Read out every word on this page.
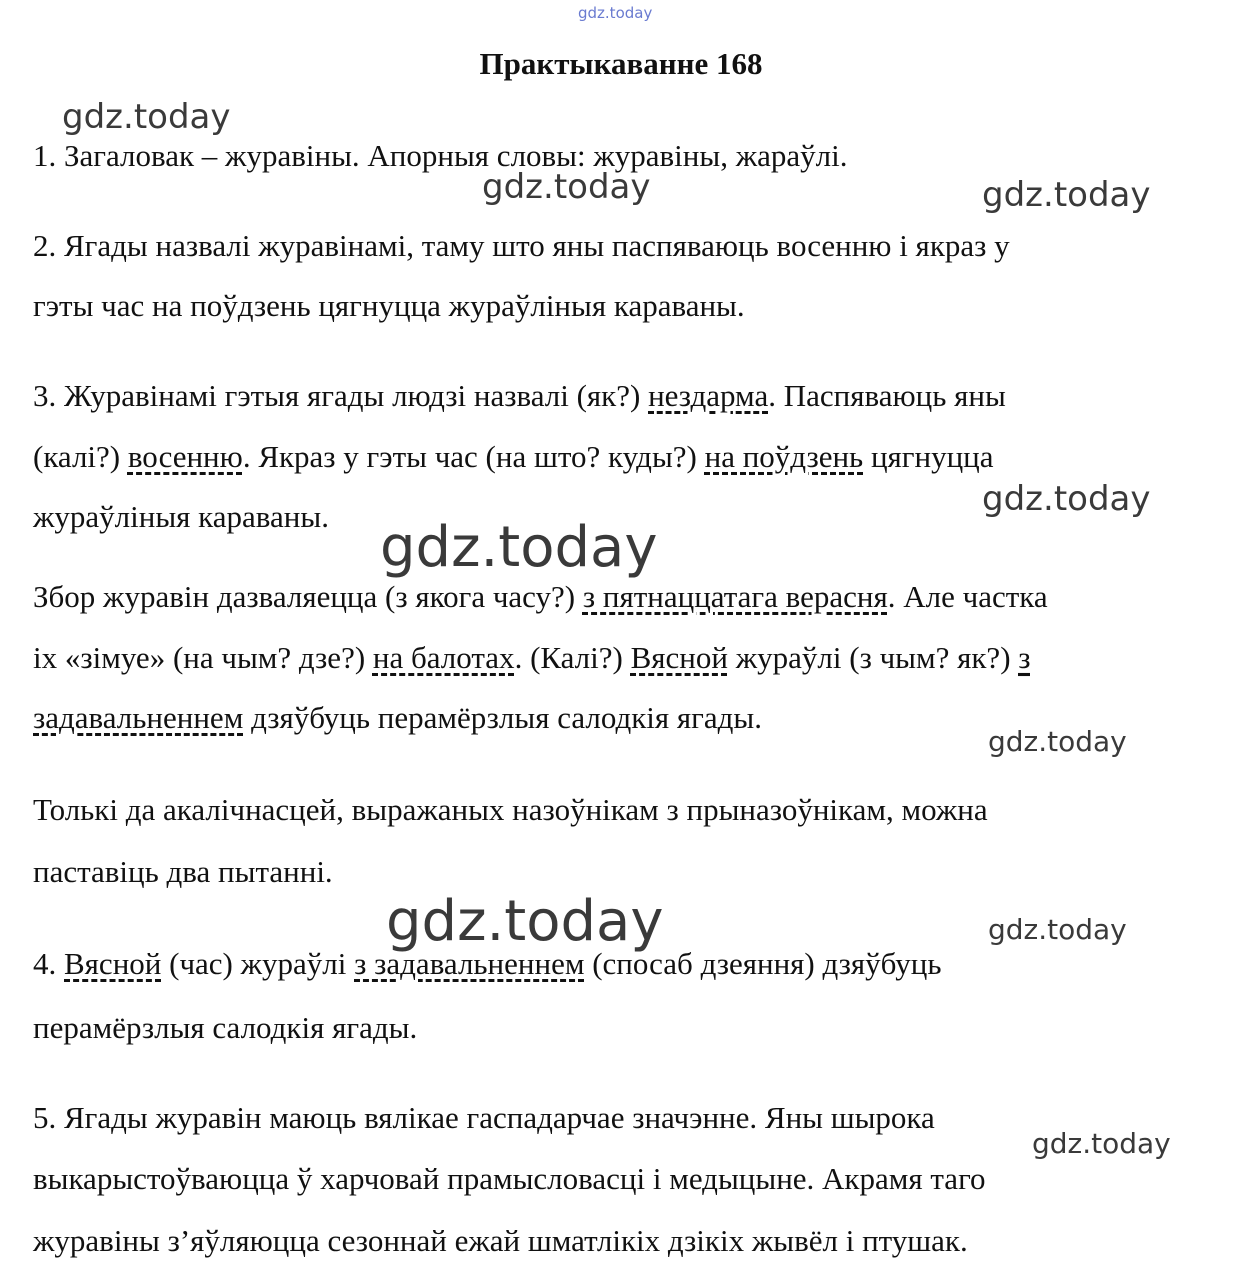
gdz.today
gdz.today
gdz.today	gdz.today
gdz.today
gdz.today
gdz.today
gdz.today	gdz.today
gdz.today
Практыкаванне 168
1. Загаловак – журавіны. Апорныя словы: журавіны, жараўлі.
2. Ягады назвалі журавінамі, таму што яны паспяваюць восенню і якраз у
гэты час на поўдзень цягнуцца жураўліныя караваны.
3. Журавінамі гэтыя ягады людзі назвалі (як?) нездарма. Паспяваюць яны
(калі?) восенню. Якраз у гэты час (на што? куды?) на поўдзень цягнуцца
жураўліныя караваны.
Збор журавін дазваляецца (з якога часу?) з пятнаццатага верасня. Але частка
іх «зімуе» (на чым? дзе?) на балотах. (Калі?) Вясной жураўлі (з чым? як?) з
задавальненнем дзяўбуць перамёрзлыя салодкія ягады.
Толькі да акалічнасцей, выражаных назоўнікам з прыназоўнікам, можна
паставіць два пытанні.
4. Вясной (час) жураўлі з задавальненнем (спосаб дзеяння) дзяўбуць
перамёрзлыя салодкія ягады.
5. Ягады журавін маюць вялікае гаспадарчае значэнне. Яны шырока
выкарыстоўваюцца ў харчовай прамысловасці і медыцыне. Акрамя таго
журавіны з’яўляюцца сезоннай ежай шматлікіх дзікіх жывёл і птушак.
